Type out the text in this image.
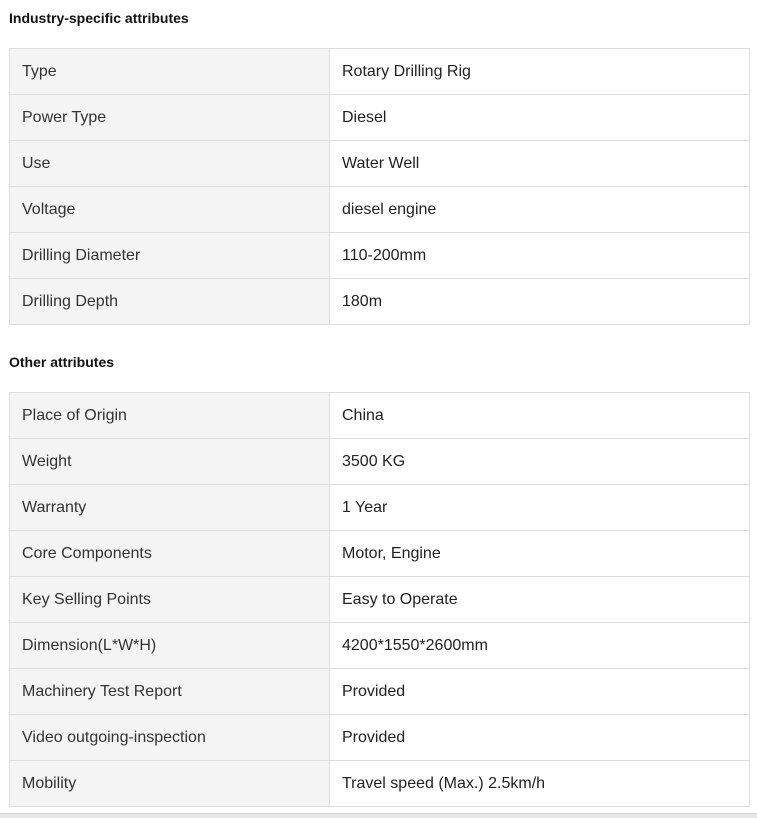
Industry-specific attributes
Type	Rotary Drilling Rig
Power Type	Diesel
Use	Water Well
Voltage	diesel engine
Drilling Diameter	110-200mm
Drilling Depth	180m
Other attributes
Place of Origin	China
Weight	3500 KG
Warranty	1 Year
Core Components	Motor, Engine
Key Selling Points	Easy to Operate
Dimension(L*W*H)	4200*1550*2600mm
Machinery Test Report	Provided
Video outgoing-inspection	Provided
Mobility	Travel speed (Max.) 2.5km/h
